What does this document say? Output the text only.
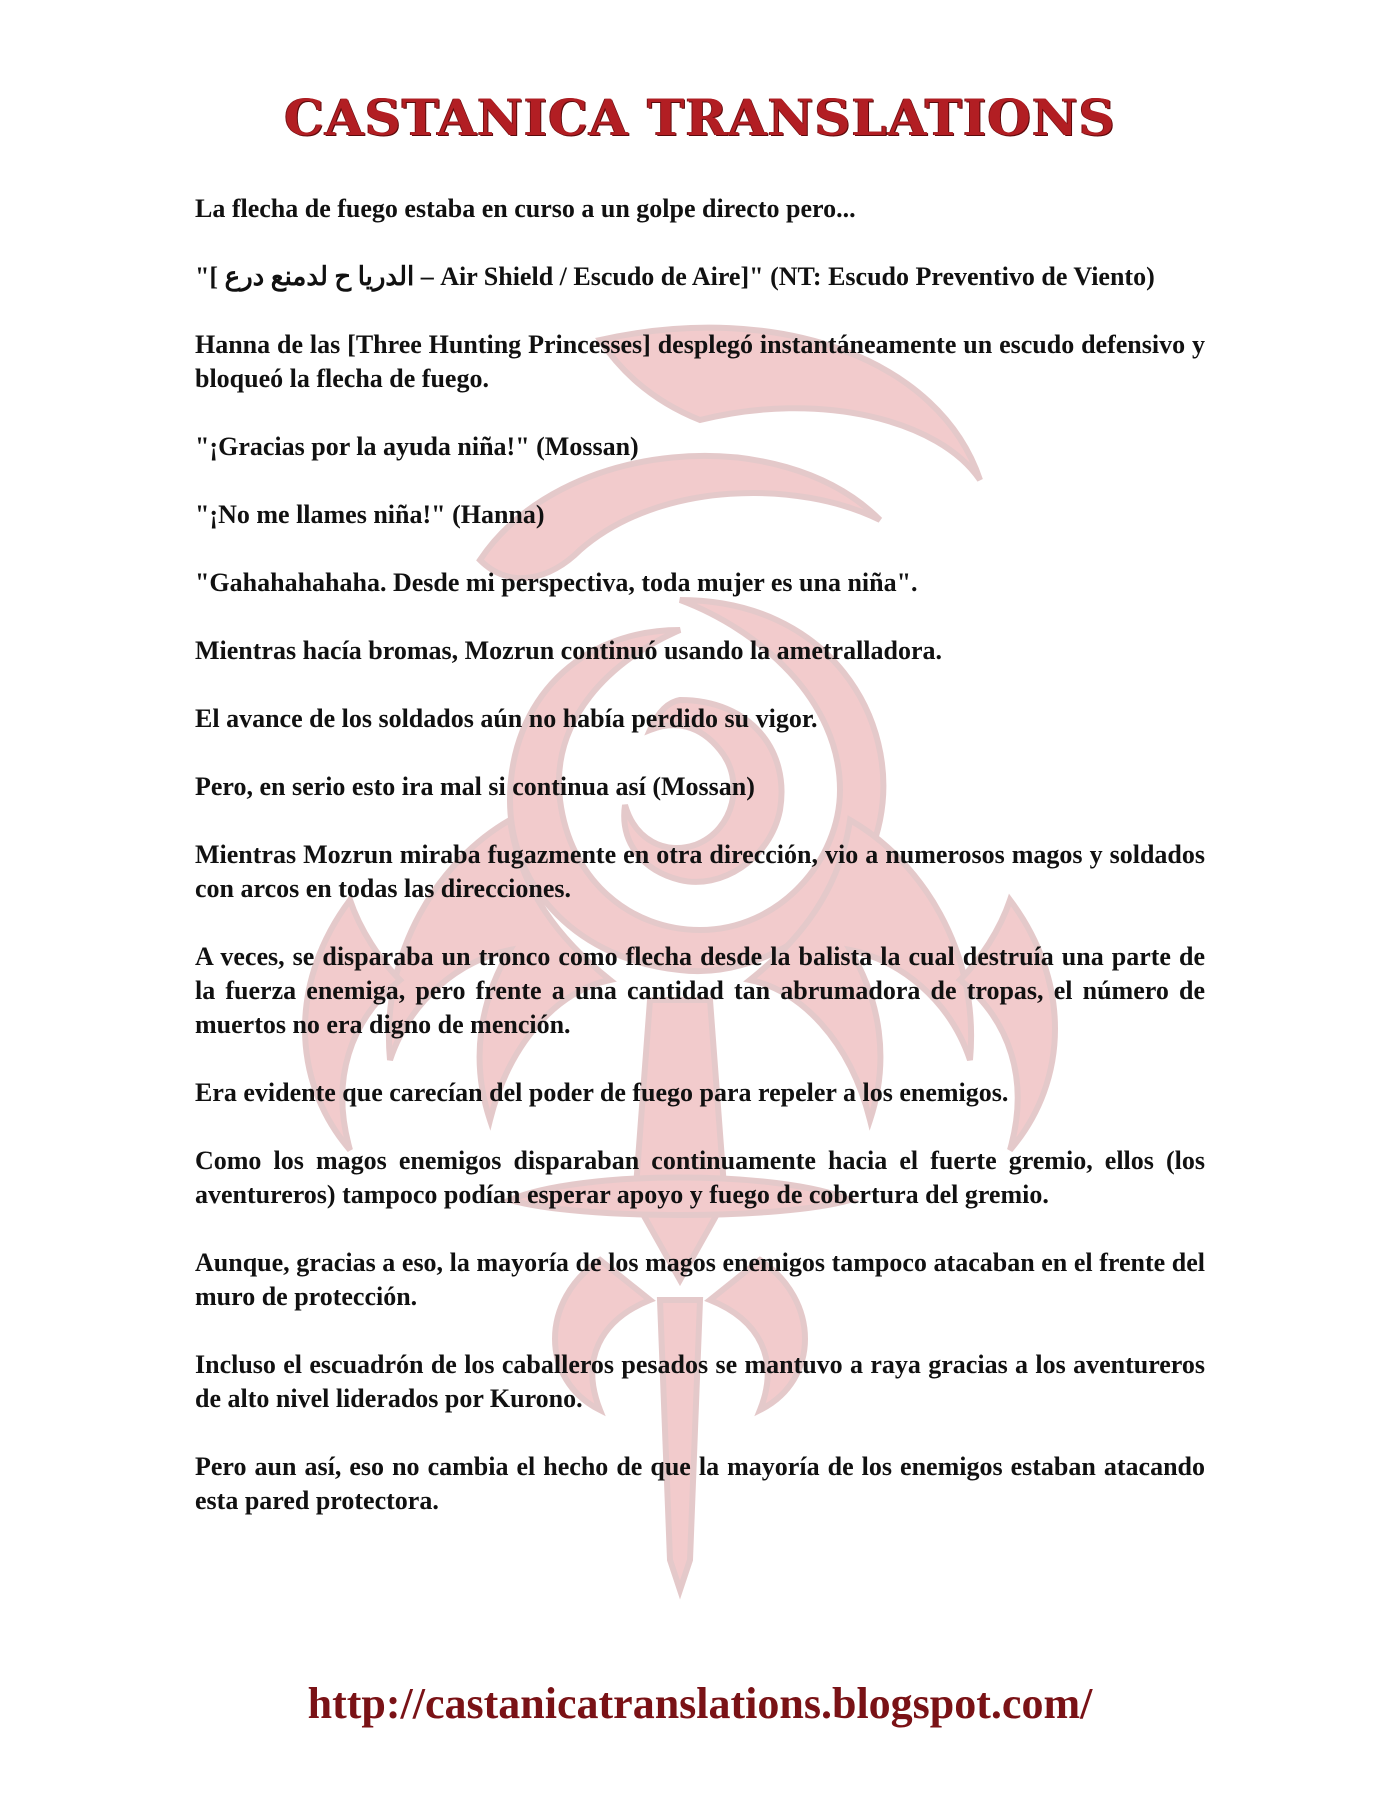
CASTANICA TRANSLATIONS

La flecha de fuego estaba en curso a un golpe directo pero...

"[ الدريا ح لدمنع درع – Air Shield / Escudo de Aire]" (NT: Escudo Preventivo de Viento)

Hanna de las [Three Hunting Princesses] desplegó instantáneamente un escudo defensivo y bloqueó la flecha de fuego.

"¡Gracias por la ayuda niña!" (Mossan)

"¡No me llames niña!" (Hanna)

"Gahahahahaha. Desde mi perspectiva, toda mujer es una niña".

Mientras hacía bromas, Mozrun continuó usando la ametralladora.

El avance de los soldados aún no había perdido su vigor.

Pero, en serio esto ira mal si continua así (Mossan)

Mientras Mozrun miraba fugazmente en otra dirección, vio a numerosos magos y soldados con arcos en todas las direcciones.

A veces, se disparaba un tronco como flecha desde la balista la cual destruía una parte de la fuerza enemiga, pero frente a una cantidad tan abrumadora de tropas, el número de muertos no era digno de mención.

Era evidente que carecían del poder de fuego para repeler a los enemigos.

Como los magos enemigos disparaban continuamente hacia el fuerte gremio, ellos (los aventureros) tampoco podían esperar apoyo y fuego de cobertura del gremio.

Aunque, gracias a eso, la mayoría de los magos enemigos tampoco atacaban en el frente del muro de protección.

Incluso el escuadrón de los caballeros pesados se mantuvo a raya gracias a los aventureros de alto nivel liderados por Kurono.

Pero aun así, eso no cambia el hecho de que la mayoría de los enemigos estaban atacando esta pared protectora.

http://castanicatranslations.blogspot.com/
